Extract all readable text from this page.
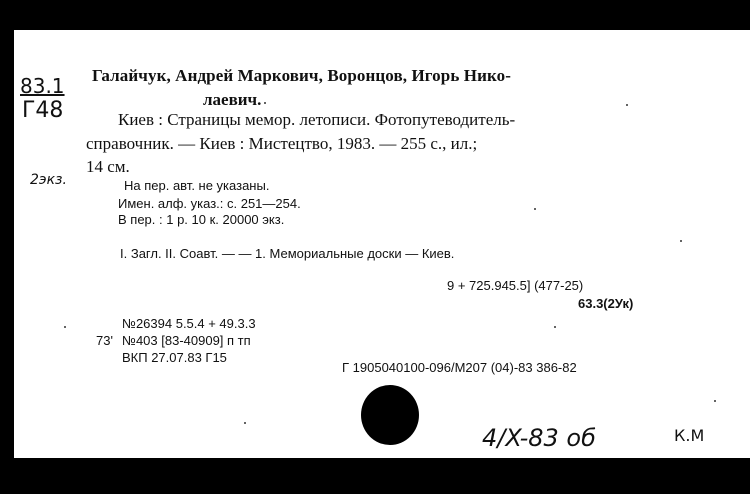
83.1
Г48
2экз.
Галайчук, Андрей Маркович, Воронцов, Игорь Нико-
лаевич.
Киев : Страницы мемор. летописи. Фотопутеводитель-
справочник. — Киев : Мистецтво, 1983. — 255 с., ил.;
14 см.
На пер. авт. не указаны.
Имен. алф. указ.: с. 251—254.
В пер. : 1 р. 10 к. 20000 экз.
I. Загл. II. Соавт. — — 1. Мемориальные доски — Киев.
9 + 725.945.5] (477-25)
63.3(2Ук)
№26394 5.5.4 + 49.3.3
73' №403 [83-40909] п тп
ВКП 27.07.83 Г15
Г 1905040100-096/М207 (04)-83 386-82
4/X-83 об	К.М
